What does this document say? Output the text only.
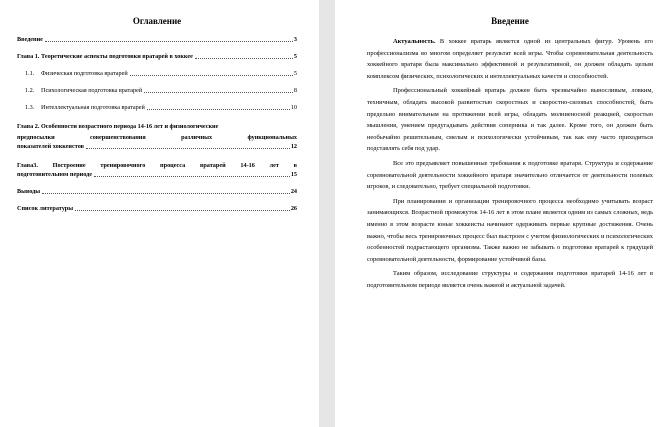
Оглавление
Введение	3
Глава 1. Теоретические аспекты подготовки вратарей в хоккее	5
1.1.	Физическая подготовка вратарей	5
1.2.	Психологическая подготовка вратарей	8
1.3.	Интеллектуальная подготовка вратарей	10
Глава 2. Особенности возрастного периода 14-16 лет и физиологические
предпосылки совершенствования различных функциональных
показателей хоккеистов	12
Глава3. Построение тренировочного процесса вратарей 14-16 лет в
подготовительном периоде	15
Выводы	24
Список литературы	26
Введение

Актуальность. В хоккее вратарь является одной из центральных фигур. Уровень его профессионализма во многом определяет результат всей игры. Чтобы соревновательная деятельность хоккейного вратаря была максимально эффективной и результативной, он должен обладать целым комплексом физических, психологических и интеллектуальных качеств и способностей.

Профессиональный хоккейный вратарь должен быть чрезвычайно выносливым, ловким, техничным, обладать высокой развитостью скоростных и скоростно-силовых способностей, быть предельно внимательным на протяжении всей игры, обладать молниеносной реакцией, скоростью мышления, умением предугадывать действия соперника и так далее. Кроме того, он должен быть необычайно решительным, смелым и психологически устойчивым, так как ему часто приходиться подставлять себя под удар.

Все это предъявляет повышенные требования к подготовке вратаря. Структура и содержание соревновательной деятельности хоккейного вратаря значительно отличается от деятельности полевых игроков, и следовательно, требует специальной подготовки.

При планировании и организации тренировочного процесса необходимо учитывать возраст занимающихся. Возрастной промежуток 14-16 лет в этом плане является одним из самых сложных, ведь именно в этом возрасте юные хоккеисты начинают одерживать первые крупные достижения. Очень важно, чтобы весь тренировочных процесс был выстроен с учетом физиологических и психологических особенностей подрастающего организма. Также важно не забывать о подготовке вратарей к грядущей соревновательной деятельности, формирование устойчивой базы.

Таким образом, исследование структуры и содержания подготовки вратарей 14-16 лет в подготовительном периоде является очень важной и актуальной задачей.
